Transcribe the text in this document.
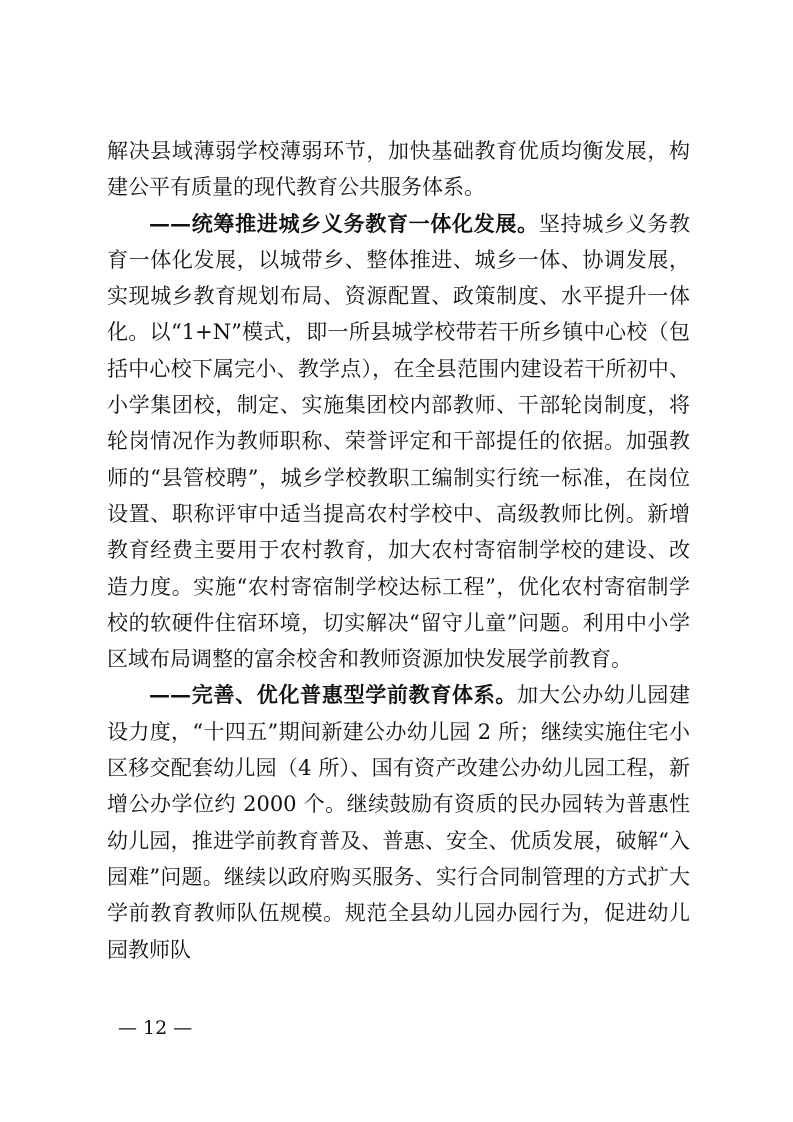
解决县域薄弱学校薄弱环节，加快基础教育优质均衡发展，构建公平有质量的现代教育公共服务体系。

——统筹推进城乡义务教育一体化发展。坚持城乡义务教育一体化发展，以城带乡、整体推进、城乡一体、协调发展，实现城乡教育规划布局、资源配置、政策制度、水平提升一体化。以“1+N”模式，即一所县城学校带若干所乡镇中心校（包括中心校下属完小、教学点），在全县范围内建设若干所初中、小学集团校，制定、实施集团校内部教师、干部轮岗制度，将轮岗情况作为教师职称、荣誉评定和干部提任的依据。加强教师的“县管校聘”，城乡学校教职工编制实行统一标准，在岗位设置、职称评审中适当提高农村学校中、高级教师比例。新增教育经费主要用于农村教育，加大农村寄宿制学校的建设、改造力度。实施“农村寄宿制学校达标工程”，优化农村寄宿制学校的软硬件住宿环境，切实解决“留守儿童”问题。利用中小学区域布局调整的富余校舍和教师资源加快发展学前教育。

——完善、优化普惠型学前教育体系。加大公办幼儿园建设力度，“十四五”期间新建公办幼儿园 2 所；继续实施住宅小区移交配套幼儿园（4 所）、国有资产改建公办幼儿园工程，新增公办学位约 2000 个。继续鼓励有资质的民办园转为普惠性幼儿园，推进学前教育普及、普惠、安全、优质发展，破解“入园难”问题。继续以政府购买服务、实行合同制管理的方式扩大学前教育教师队伍规模。规范全县幼儿园办园行为，促进幼儿园教师队

— 12 —
